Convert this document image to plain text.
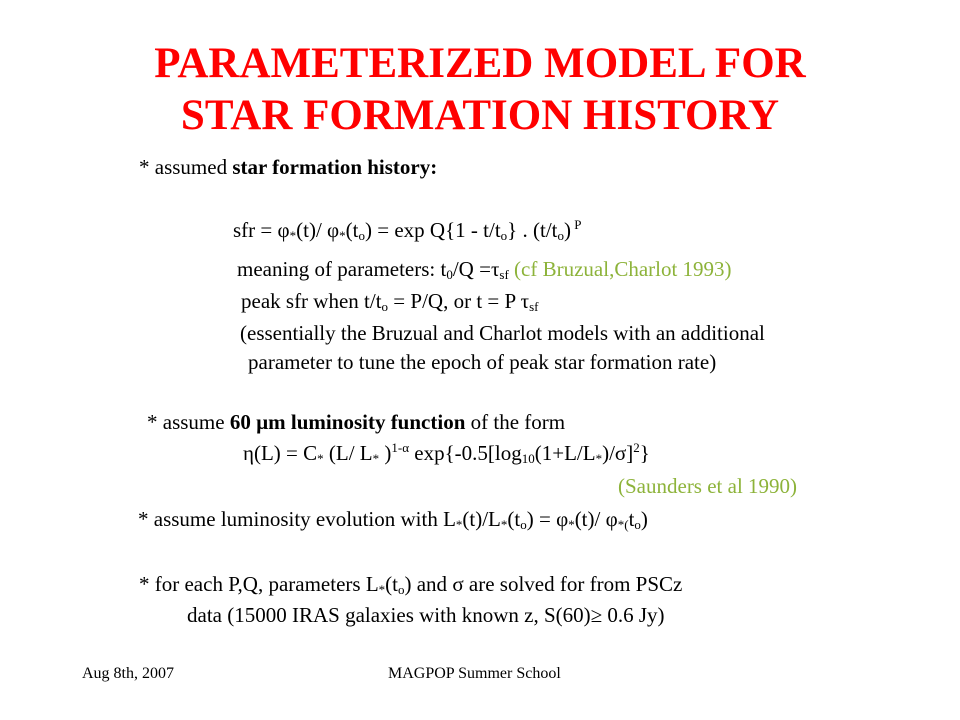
PARAMETERIZED MODEL FOR
STAR FORMATION HISTORY
* assumed star formation history:
sfr = $\varphi_*(t)/$ $\varphi_*(t_o) = \exp Q\{1 - t/t_o\}$ . $(t/t_o)$ $^P$
meaning of parameters: $t_0/Q =\tau_{sf}$ (cf Bruzual,Charlot 1993)
peak sfr when $t/t_o = P/Q$, or t = P $\tau_{sf}$
(essentially the Bruzual and Charlot models with an additional
parameter to tune the epoch of peak star formation rate)
* assume 60 µm luminosity function of the form
$\eta(L) = C_*$ (L/ $L_*$ )$^{1-\alpha}$ $\exp\{-0.5[\log_{10}(1+L/L_*)/\sigma]^2\}$
(Saunders et al 1990)
* assume luminosity evolution with $L_*(t)/L_*(t_o) = \varphi_*(t)/$ $\varphi_{*(}t_o$)
* for each P,Q, parameters $L_*(t_o)$ and σ are solved for from PSCz
data (15000 IRAS galaxies with known z, S(60)≥ 0.6 Jy)
Aug 8th, 2007	MAGPOP Summer School
